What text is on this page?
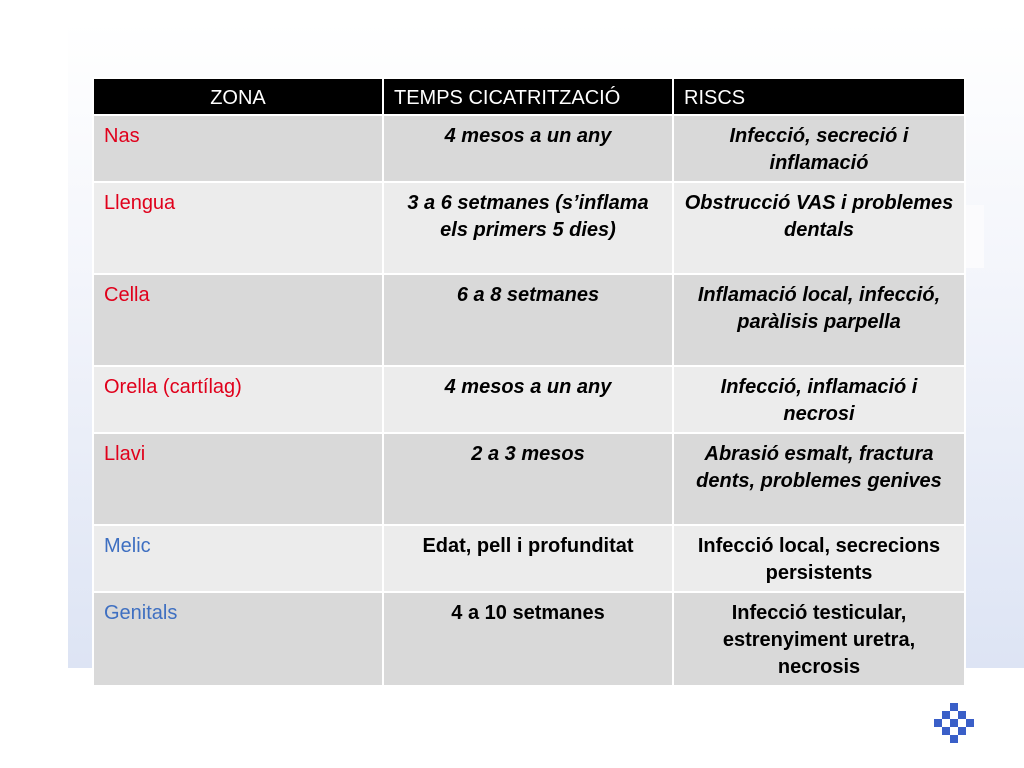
ZONA	TEMPS CICATRITZACIÓ	RISCS
Nas	4 mesos a un any	Infecció, secreció i inflamació
Llengua	3 a 6 setmanes (s’inflama els primers 5 dies)	Obstrucció VAS i problemes dentals
Cella	6 a 8 setmanes	Inflamació local, infecció, paràlisis parpella
Orella (cartílag)	4 mesos a un any	Infecció, inflamació i necrosi
Llavi	2 a 3 mesos	Abrasió esmalt, fractura dents, problemes genives
Melic	Edat, pell i profunditat	Infecció local, secrecions persistents
Genitals	4 a 10 setmanes	Infecció testicular, estrenyiment uretra, necrosis
